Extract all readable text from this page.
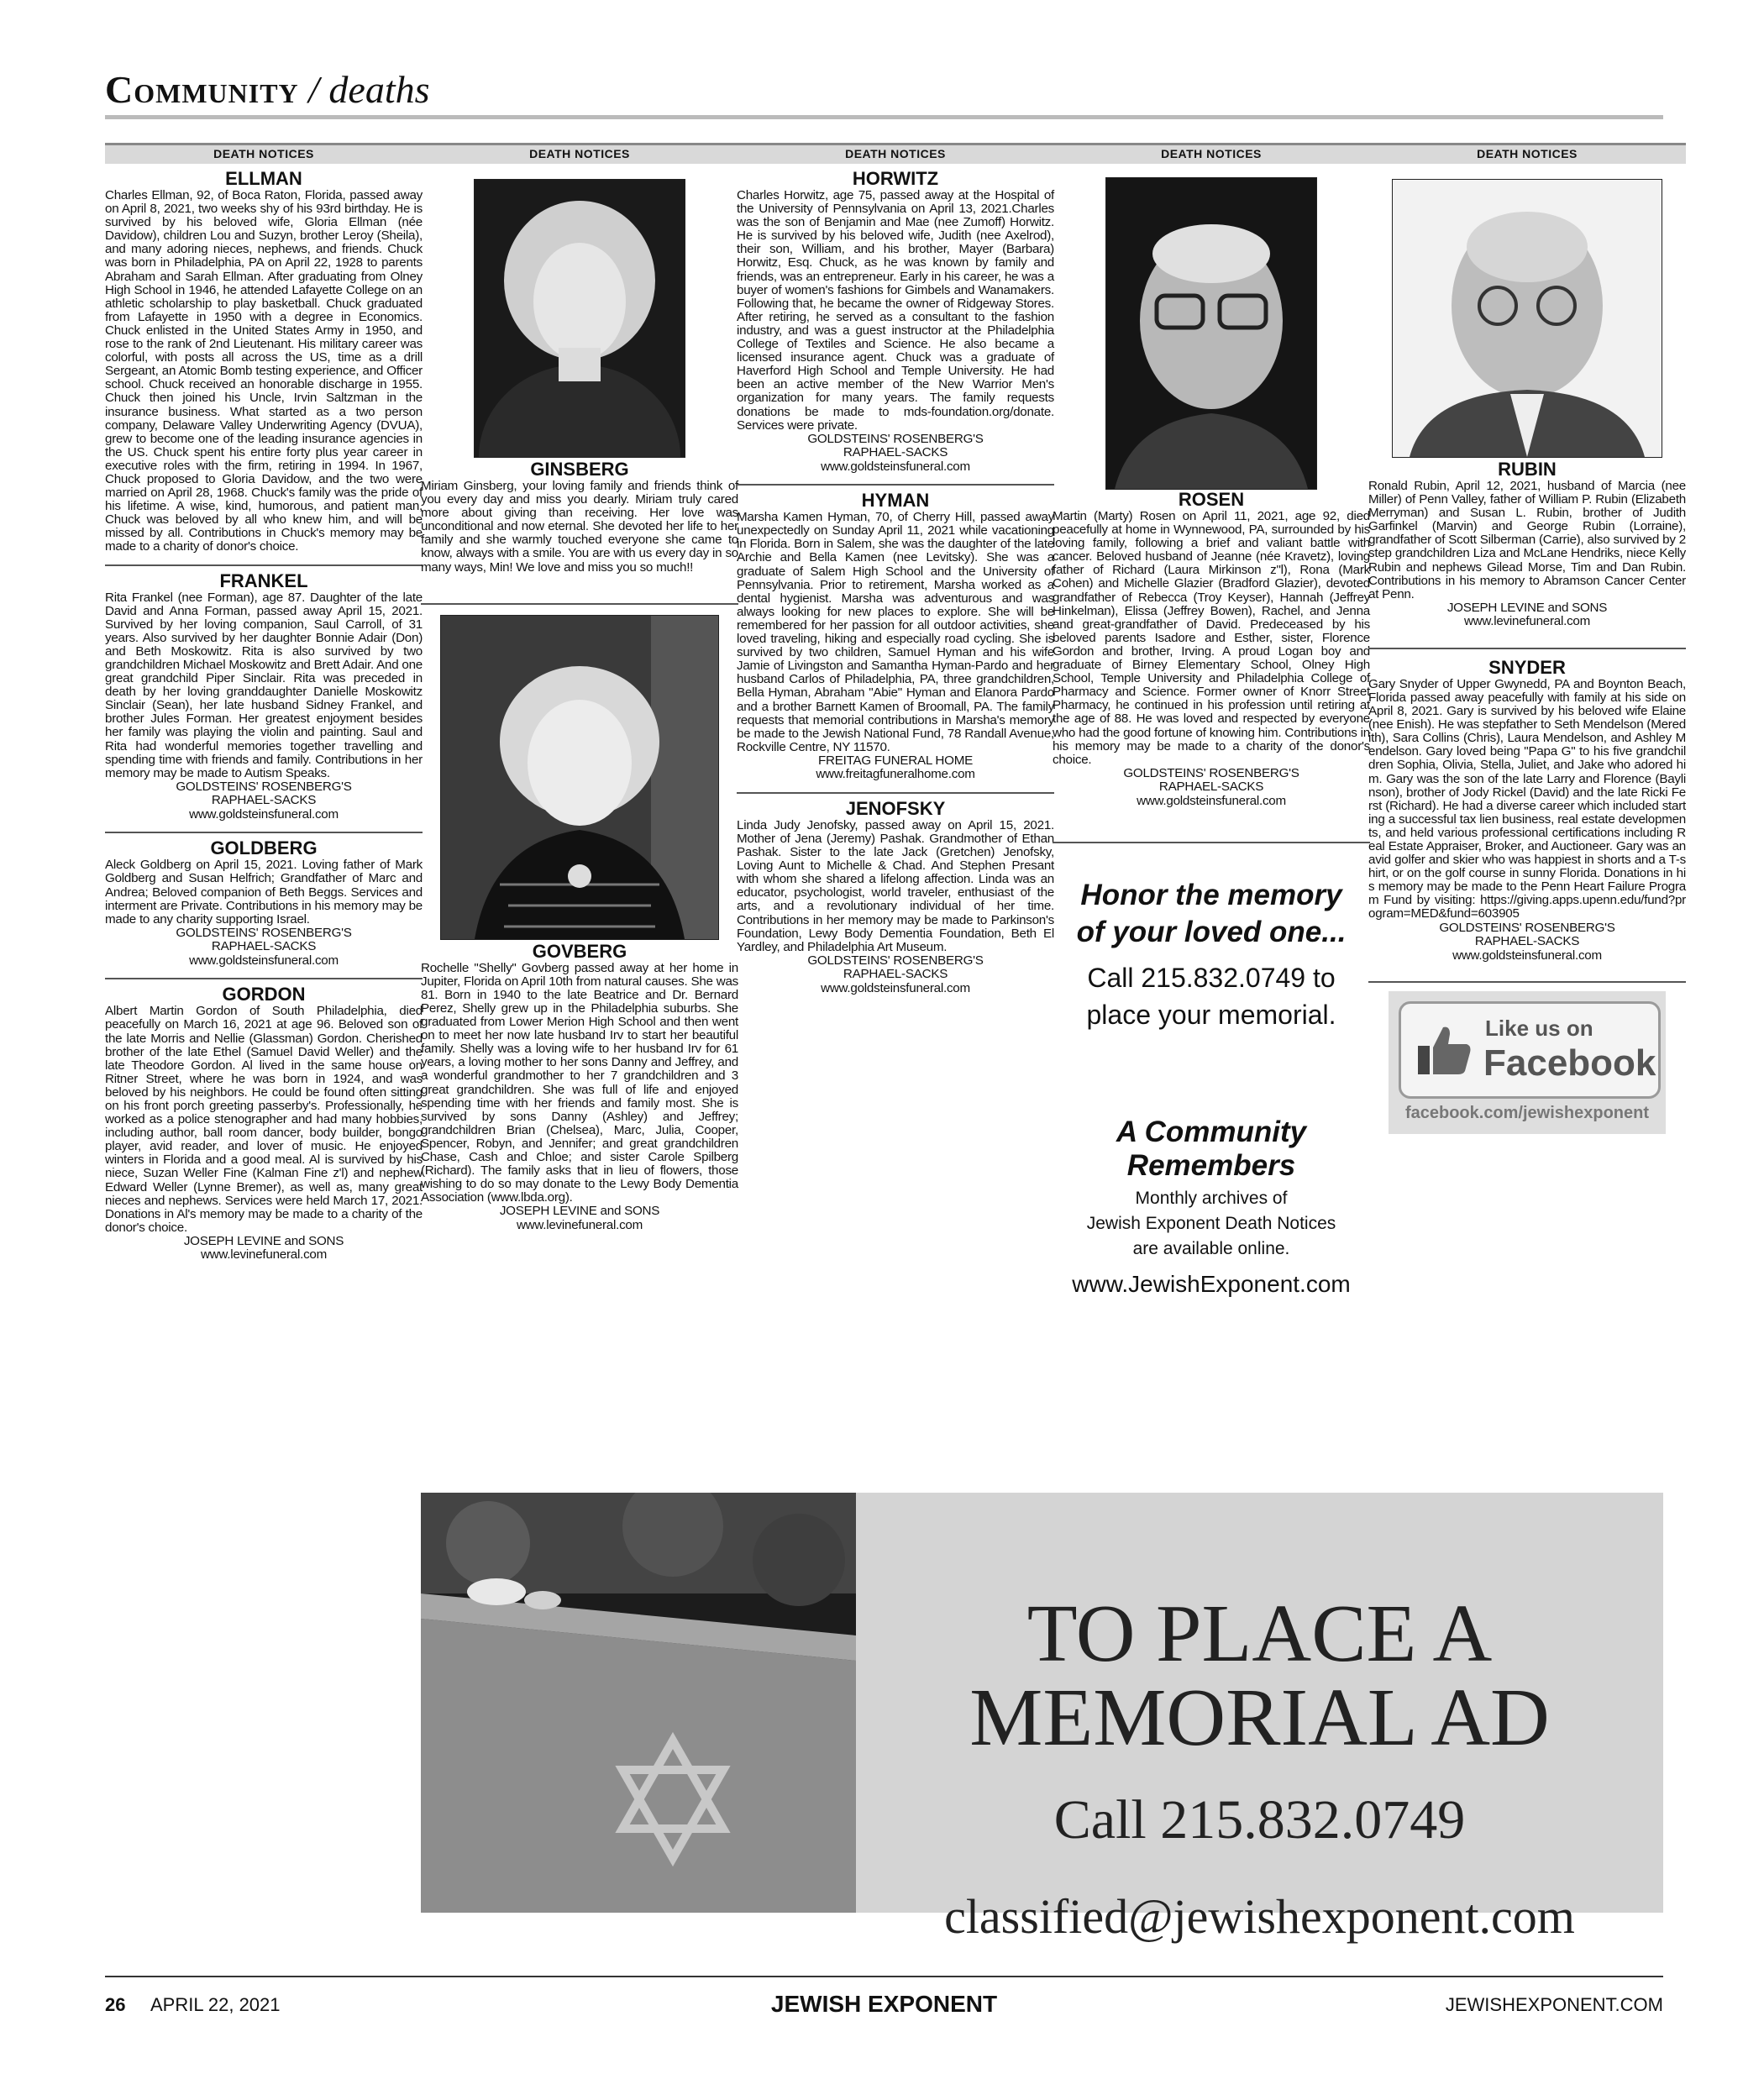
Community / deaths
DEATH NOTICES
ELLMAN
Charles Ellman, 92, of Boca Raton, Florida, passed away on April 8, 2021, two weeks shy of his 93rd birthday. He is survived by his beloved wife, Gloria Ellman (née Davidow), children Lou and Suzyn, brother Leroy (Sheila), and many adoring nieces, nephews, and friends. Chuck was born in Philadelphia, PA on April 22, 1928 to parents Abraham and Sarah Ellman. After graduating from Olney High School in 1946, he attended Lafayette College on an athletic scholarship to play basketball. Chuck graduated from Lafayette in 1950 with a degree in Economics. Chuck enlisted in the United States Army in 1950, and rose to the rank of 2nd Lieutenant. His military career was colorful, with posts all across the US, time as a drill Sergeant, an Atomic Bomb testing experience, and Officer school. Chuck received an honorable discharge in 1955. Chuck then joined his Uncle, Irvin Saltzman in the insurance business. What started as a two person company, Delaware Valley Underwriting Agency (DVUA), grew to become one of the leading insurance agencies in the US. Chuck spent his entire forty plus year career in executive roles with the firm, retiring in 1994. In 1967, Chuck proposed to Gloria Davidow, and the two were married on April 28, 1968. Chuck's family was the pride of his lifetime. A wise, kind, humorous, and patient man, Chuck was beloved by all who knew him, and will be missed by all. Contributions in Chuck's memory may be made to a charity of donor's choice.
FRANKEL
Rita Frankel (nee Forman), age 87. Daughter of the late David and Anna Forman, passed away April 15, 2021. Survived by her loving companion, Saul Carroll, of 31 years. Also survived by her daughter Bonnie Adair (Don) and Beth Moskowitz. Rita is also survived by two grandchildren Michael Moskowitz and Brett Adair. And one great grandchild Piper Sinclair. Rita was preceded in death by her loving granddaughter Danielle Moskowitz Sinclair (Sean), her late husband Sidney Frankel, and brother Jules Forman. Her greatest enjoyment besides her family was playing the violin and painting. Saul and Rita had wonderful memories together travelling and spending time with friends and family. Contributions in her memory may be made to Autism Speaks.
GOLDSTEINS' ROSENBERG'S
RAPHAEL-SACKS
www.goldsteinsfuneral.com
GOLDBERG
Aleck Goldberg on April 15, 2021. Loving father of Mark Goldberg and Susan Helfrich; Grandfather of Marc and Andrea; Beloved companion of Beth Beggs. Services and interment are Private. Contributions in his memory may be made to any charity supporting Israel.
GOLDSTEINS' ROSENBERG'S
RAPHAEL-SACKS
www.goldsteinsfuneral.com
GORDON
Albert Martin Gordon of South Philadelphia, died peacefully on March 16, 2021 at age 96. Beloved son of the late Morris and Nellie (Glassman) Gordon. Cherished brother of the late Ethel (Samuel David Weller) and the late Theodore Gordon. Al lived in the same house on Ritner Street, where he was born in 1924, and was beloved by his neighbors. He could be found often sitting on his front porch greeting passerby's. Professionally, he worked as a police stenographer and had many hobbies, including author, ball room dancer, body builder, bongo player, avid reader, and lover of music. He enjoyed winters in Florida and a good meal. Al is survived by his niece, Suzan Weller Fine (Kalman Fine z'l) and nephew Edward Weller (Lynne Bremer), as well as, many great nieces and nephews. Services were held March 17, 2021. Donations in Al's memory may be made to a charity of the donor's choice.
JOSEPH LEVINE and SONS
www.levinefuneral.com
DEATH NOTICES
GINSBERG
Miriam Ginsberg, your loving family and friends think of you every day and miss you dearly. Miriam truly cared more about giving than receiving. Her love was unconditional and now eternal. She devoted her life to her family and she warmly touched everyone she came to know, always with a smile. You are with us every day in so many ways, Min! We love and miss you so much!!
GOVBERG
Rochelle "Shelly" Govberg passed away at her home in Jupiter, Florida on April 10th from natural causes. She was 81. Born in 1940 to the late Beatrice and Dr. Bernard Perez, Shelly grew up in the Philadelphia suburbs. She graduated from Lower Merion High School and then went on to meet her now late husband Irv to start her beautiful family. Shelly was a loving wife to her husband Irv for 61 years, a loving mother to her sons Danny and Jeffrey, and a wonderful grandmother to her 7 grandchildren and 3 great grandchildren. She was full of life and enjoyed spending time with her friends and family most. She is survived by sons Danny (Ashley) and Jeffrey; grandchildren Brian (Chelsea), Marc, Julia, Cooper, Spencer, Robyn, and Jennifer; and great grandchildren Chase, Cash and Chloe; and sister Carole Spilberg (Richard). The family asks that in lieu of flowers, those wishing to do so may donate to the Lewy Body Dementia Association (www.lbda.org).
JOSEPH LEVINE and SONS
www.levinefuneral.com
DEATH NOTICES
HORWITZ
Charles Horwitz, age 75, passed away at the Hospital of the University of Pennsylvania on April 13, 2021.Charles was the son of Benjamin and Mae (nee Zumoff) Horwitz. He is survived by his beloved wife, Judith (nee Axelrod), their son, William, and his brother, Mayer (Barbara) Horwitz, Esq. Chuck, as he was known by family and friends, was an entrepreneur. Early in his career, he was a buyer of women's fashions for Gimbels and Wanamakers. Following that, he became the owner of Ridgeway Stores. After retiring, he served as a consultant to the fashion industry, and was a guest instructor at the Philadelphia College of Textiles and Science. He also became a licensed insurance agent. Chuck was a graduate of Haverford High School and Temple University. He had been an active member of the New Warrior Men's organization for many years. The family requests donations be made to mds-foundation.org/donate. Services were private.
GOLDSTEINS' ROSENBERG'S
RAPHAEL-SACKS
www.goldsteinsfuneral.com
HYMAN
Marsha Kamen Hyman, 70, of Cherry Hill, passed away unexpectedly on Sunday April 11, 2021 while vacationing in Florida. Born in Salem, she was the daughter of the late Archie and Bella Kamen (nee Levitsky). She was a graduate of Salem High School and the University of Pennsylvania. Prior to retirement, Marsha worked as a dental hygienist. Marsha was adventurous and was always looking for new places to explore. She will be remembered for her passion for all outdoor activities, she loved traveling, hiking and especially road cycling. She is survived by two children, Samuel Hyman and his wife Jamie of Livingston and Samantha Hyman-Pardo and her husband Carlos of Philadelphia, PA, three grandchildren, Bella Hyman, Abraham "Abie" Hyman and Elanora Pardo and a brother Barnett Kamen of Broomall, PA. The family requests that memorial contributions in Marsha's memory be made to the Jewish National Fund, 78 Randall Avenue, Rockville Centre, NY 11570.
FREITAG FUNERAL HOME
www.freitagfuneralhome.com
JENOFSKY
Linda Judy Jenofsky, passed away on April 15, 2021. Mother of Jena (Jeremy) Pashak. Grandmother of Ethan Pashak. Sister to the late Jack (Gretchen) Jenofsky, Loving Aunt to Michelle & Chad. And Stephen Presant with whom she shared a lifelong affection. Linda was an educator, psychologist, world traveler, enthusiast of the arts, and a revolutionary individual of her time. Contributions in her memory may be made to Parkinson's Foundation, Lewy Body Dementia Foundation, Beth El Yardley, and Philadelphia Art Museum.
GOLDSTEINS' ROSENBERG'S
RAPHAEL-SACKS
www.goldsteinsfuneral.com
DEATH NOTICES
ROSEN
Martin (Marty) Rosen on April 11, 2021, age 92, died peacefully at home in Wynnewood, PA, surrounded by his loving family, following a brief and valiant battle with cancer. Beloved husband of Jeanne (née Kravetz), loving father of Richard (Laura Mirkinson z"l), Rona (Mark Cohen) and Michelle Glazier (Bradford Glazier), devoted grandfather of Rebecca (Troy Keyser), Hannah (Jeffrey Hinkelman), Elissa (Jeffrey Bowen), Rachel, and Jenna and great-grandfather of David. Predeceased by his beloved parents Isadore and Esther, sister, Florence Gordon and brother, Irving. A proud Logan boy and graduate of Birney Elementary School, Olney High School, Temple University and Philadelphia College of Pharmacy and Science. Former owner of Knorr Street Pharmacy, he continued in his profession until retiring at the age of 88. He was loved and respected by everyone who had the good fortune of knowing him. Contributions in his memory may be made to a charity of the donor's choice.
GOLDSTEINS' ROSENBERG'S
RAPHAEL-SACKS
www.goldsteinsfuneral.com
Honor the memory
of your loved one...
Call 215.832.0749 to
place your memorial.
A Community
Remembers
Monthly archives of
Jewish Exponent Death Notices
are available online.
www.JewishExponent.com
DEATH NOTICES
RUBIN
Ronald Rubin, April 12, 2021, husband of Marcia (nee Miller) of Penn Valley, father of William P. Rubin (Elizabeth Merryman) and Susan L. Rubin, brother of Judith Garfinkel (Marvin) and George Rubin (Lorraine), grandfather of Scott Silberman (Carrie), also survived by 2 step grandchildren Liza and McLane Hendriks, niece Kelly Rubin and nephews Gilead Morse, Tim and Dan Rubin. Contributions in his memory to Abramson Cancer Center at Penn.
JOSEPH LEVINE and SONS
www.levinefuneral.com
SNYDER
Gary Snyder of Upper Gwynedd, PA and Boynton Beach, Florida passed away peacefully with family at his side on April 8, 2021. Gary is survived by his beloved wife Elaine (nee Enish). He was stepfather to Seth Mendelson (Meredith), Sara Collins (Chris), Laura Mendelson, and Ashley Mendelson. Gary loved being "Papa G" to his five grandchildren Sophia, Olivia, Stella, Juliet, and Jake who adored him. Gary was the son of the late Larry and Florence (Baylinson), brother of Jody Rickel (David) and the late Ricki Ferst (Richard). He had a diverse career which included starting a successful tax lien business, real estate developments, and held various professional certifications including Real Estate Appraiser, Broker, and Auctioneer. Gary was an avid golfer and skier who was happiest in shorts and a T-shirt, or on the golf course in sunny Florida. Donations in his memory may be made to the Penn Heart Failure Program Fund by visiting: https://giving.apps.upenn.edu/fund?program=MED&fund=603905
GOLDSTEINS' ROSENBERG'S
RAPHAEL-SACKS
www.goldsteinsfuneral.com
Like us on
Facebook
facebook.com/jewishexponent
TO PLACE A
MEMORIAL AD
Call 215.832.0749
classified@jewishexponent.com
26 APRIL 22, 2021	JEWISH EXPONENT	JEWISHEXPONENT.COM
